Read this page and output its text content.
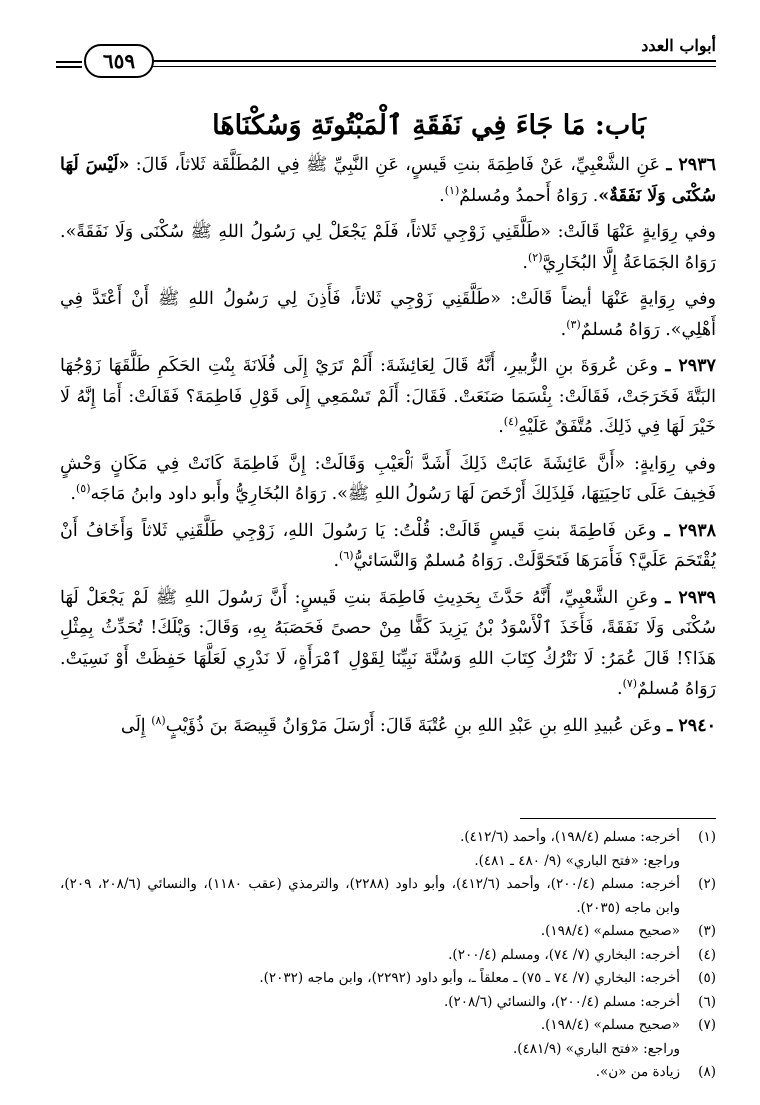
أبواب العدد
٦٥٩
بَاب: مَا جَاءَ فِي نَفَقَةِ ٱلْمَبْتُوتَةِ وَسُكْنَاهَا

٢٩٣٦ ـ عَنِ الشَّعْبِيِّ، عَنْ فَاطِمَةَ بنتِ قَيسٍ، عَنِ النَّبِيِّ ﷺ فِي المُطَلَّقَة ثَلاثاً، قَالَ: «لَيْسَ لَهَا سُكْنَى وَلَا نَفَقَةٌ». رَوَاهُ أَحمدُ ومُسلمٌ$^{(١)}$.

وفي رِوَايةٍ عَنْهَا قَالَتْ: «طَلَّقَنِي زَوْجِي ثَلاثاً، فَلَمْ يَجْعَلْ لِي رَسُولُ اللهِ ﷺ سُكْنَى وَلَا نَفَقَةً». رَوَاهُ الجَمَاعَةُ إِلَّا البُخَارِيَّ$^{(٢)}$.

وفي رِوَايةٍ عَنْهَا أيضاً قَالَتْ: «طَلَّقَنِي زَوْجِي ثَلاثاً، فَأَذِنَ لِي رَسُولُ اللهِ ﷺ أَنْ أَعْتَدَّ فِي أَهْلِي». رَوَاهُ مُسلمٌ$^{(٣)}$.

٢٩٣٧ ـ وعَن عُروَةَ بنِ الزُّبيرِ، أَنَّهُ قَالَ لِعَائِشَةَ: أَلَمْ تَرَيْ إِلَى فُلَانَةَ بِنْتِ الحَكَمِ طَلَّقَهَا زَوْجُهَا البَتَّةَ فَخَرَجَتْ، فَقَالَتْ: بِئْسَمَا صَنَعَتْ. فَقَالَ: أَلَمْ تَسْمَعِي إِلَى قَوْلِ فَاطِمَةَ؟ فَقَالَتْ: أَمَا إِنَّهُ لَا خَيْرَ لَهَا فِي ذَلِكَ. مُتَّفَقٌ عَلَيْهِ$^{(٤)}$.

وفي رِوَايةٍ: «أَنَّ عَائِشَةَ عَابَتْ ذَلِكَ أَشَدَّ ٱلْعَيْبِ وَقَالَتْ: إِنَّ فَاطِمَةَ كَانَتْ فِي مَكَانٍ وَحْشٍ فَخِيفَ عَلَى نَاحِيَتِهَا، فَلِذَلِكَ أَرْخَصَ لَهَا رَسُولُ اللهِ ﷺ». رَوَاهُ البُخَارِيُّ وأَبو داود وابنُ مَاجَه$^{(٥)}$.

٢٩٣٨ ـ وعَن فَاطِمَةَ بنتِ قَيسٍ قَالَتْ: قُلْتُ: يَا رَسُولَ اللهِ، زَوْجِي طَلَّقَنِي ثَلاثاً وَأَخَافُ أَنْ يُقْتَحَمَ عَلَيَّ؟ فَأَمَرَهَا فَتَحَوَّلَتْ. رَوَاهُ مُسلمٌ وَالنَّسَائيُّ$^{(٦)}$.

٢٩٣٩ ـ وعَنِ الشَّعْبِيِّ، أَنَّهُ حَدَّثَ بِحَدِيثِ فَاطِمَةَ بنتِ قَيسٍ: أَنَّ رَسُولَ اللهِ ﷺ لَمْ يَجْعَلْ لَهَا سُكْنَى وَلَا نَفَقَةً، فَأَخَذَ ٱلْأَسْوَدُ بْنُ يَزِيدَ كَفًّا مِنْ حصىً فَحَصَبَهُ بِهِ، وَقَالَ: وَيْلَكَ! تُحَدِّثُ بِمِثْلِ هَذَا؟! قَالَ عُمَرُ: لَا نَتْرُكُ كِتَابَ اللهِ وَسُنَّةَ نَبِيِّنَا لِقَوْلِ ٱمْرَأَةٍ، لَا نَدْرِي لَعَلَّهَا حَفِظَتْ أَوْ نَسِيَتْ. رَوَاهُ مُسلمٌ$^{(٧)}$.

٢٩٤٠ ـ وعَن عُبيدِ اللهِ بنِ عَبْدِ اللهِ بنِ عُتْبَةَ قَالَ: أَرْسَلَ مَرْوَانُ قَبِيصَةَ بنَ ذُؤَيْبٍ$^{(٨)}$ إِلَى

(١)
أخرجه: مسلم (١٩٨/٤)، وأحمد (٤١٢/٦).
وراجع: «فتح الباري» (٩/ ٤٨٠ ـ ٤٨١).
(٢)
أخرجه: مسلم (٢٠٠/٤)، وأحمد (٤١٢/٦)، وأبو داود (٢٢٨٨)، والترمذي (عقب ١١٨٠)، والنسائي (٢٠٨/٦، ٢٠٩)، وابن ماجه (٢٠٣٥).
(٣)
«صحيح مسلم» (١٩٨/٤).
(٤)
أخرجه: البخاري (٧/ ٧٤)، ومسلم (٢٠٠/٤).
(٥)
أخرجه: البخاري (٧/ ٧٤ ـ ٧٥) ـ معلقاً ـ، وأبو داود (٢٢٩٢)، وابن ماجه (٢٠٣٢).
(٦)
أخرجه: مسلم (٢٠٠/٤)، والنسائي (٢٠٨/٦).
(٧)
«صحيح مسلم» (١٩٨/٤).
وراجع: «فتح الباري» (٤٨١/٩).
(٨)
زيادة من «ن».
